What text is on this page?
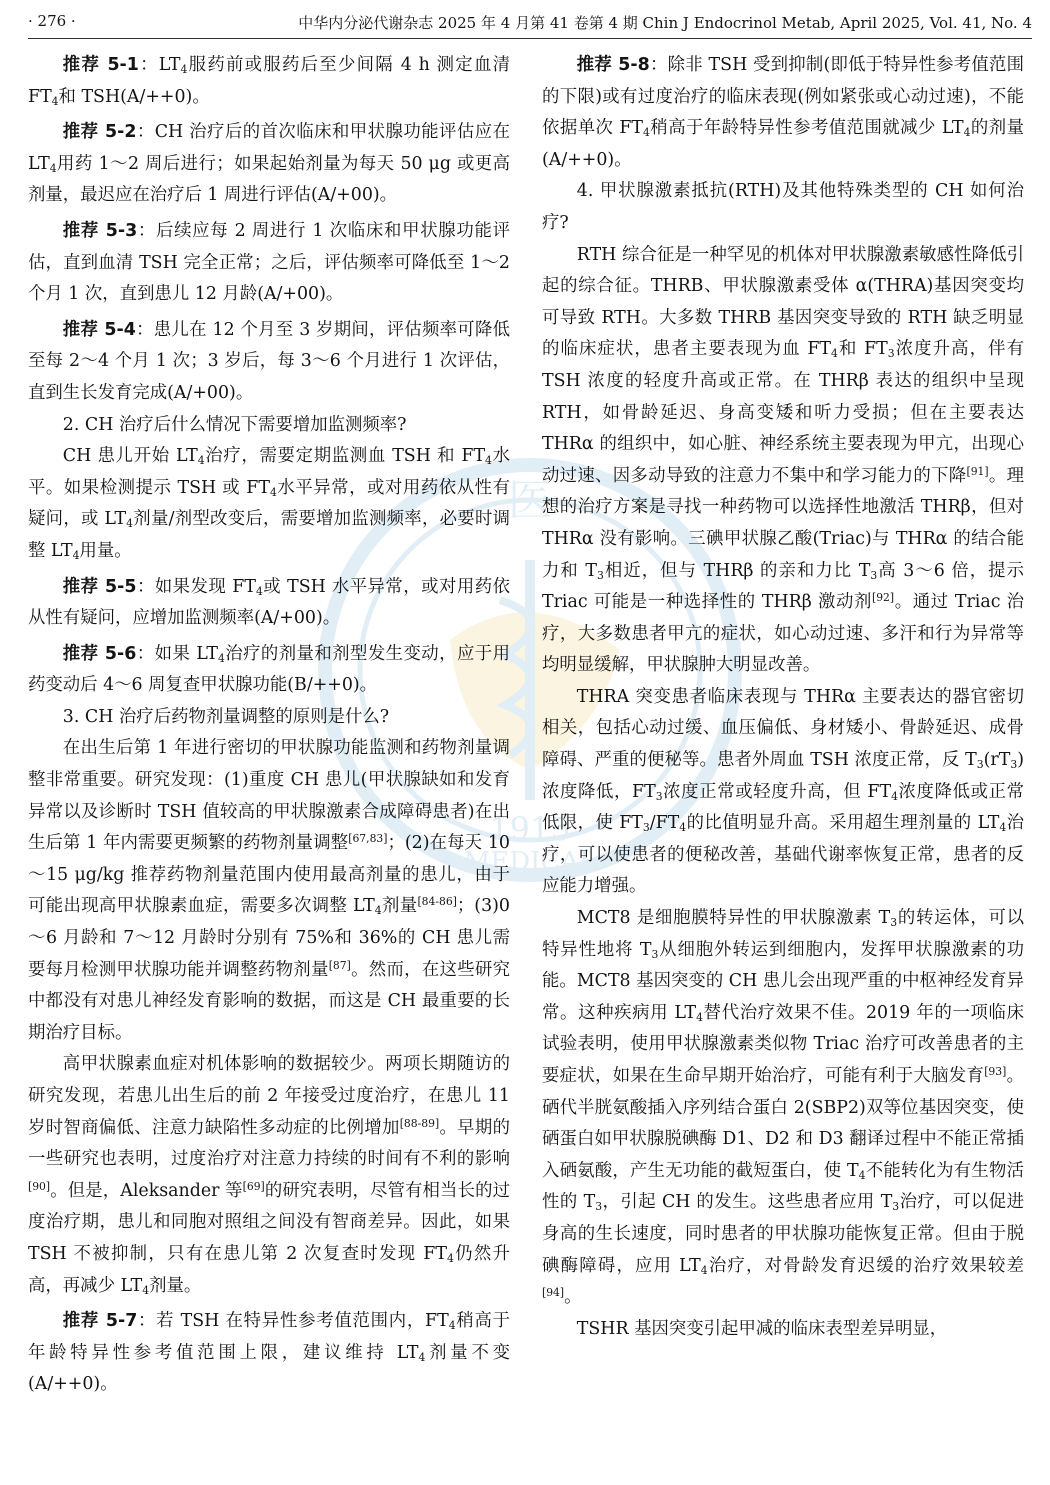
· 276 ·	中华内分泌代谢杂志 2025 年 4 月第 41 卷第 4 期 Chin J Endocrinol Metab, April 2025, Vol. 41, No. 4
医
1915
MEDICAL

推荐 5-1：$LT_4$服药前或服药后至少间隔 4 h 测定血清 $FT_4$和 TSH(A/++0)。

推荐 5-2：CH 治疗后的首次临床和甲状腺功能评估应在 $LT_4$用药 1～2 周后进行；如果起始剂量为每天 50 μg 或更高剂量，最迟应在治疗后 1 周进行评估(A/+00)。

推荐 5-3：后续应每 2 周进行 1 次临床和甲状腺功能评估，直到血清 TSH 完全正常；之后，评估频率可降低至 1～2 个月 1 次，直到患儿 12 月龄(A/+00)。

推荐 5-4：患儿在 12 个月至 3 岁期间，评估频率可降低至每 2～4 个月 1 次；3 岁后，每 3～6 个月进行 1 次评估，直到生长发育完成(A/+00)。

2. CH 治疗后什么情况下需要增加监测频率?

CH 患儿开始 $LT_4$治疗，需要定期监测血 TSH 和 $FT_4$水平。如果检测提示 TSH 或 $FT_4$水平异常，或对用药依从性有疑问，或 $LT_4$剂量/剂型改变后，需要增加监测频率，必要时调整 $LT_4$用量。

推荐 5-5：如果发现 $FT_4$或 TSH 水平异常，或对用药依从性有疑问，应增加监测频率(A/+00)。

推荐 5-6：如果 $LT_4$治疗的剂量和剂型发生变动，应于用药变动后 4～6 周复查甲状腺功能(B/++0)。

3. CH 治疗后药物剂量调整的原则是什么?

在出生后第 1 年进行密切的甲状腺功能监测和药物剂量调整非常重要。研究发现：(1)重度 CH 患儿(甲状腺缺如和发育异常以及诊断时 TSH 值较高的甲状腺激素合成障碍患者)在出生后第 1 年内需要更频繁的药物剂量调整[67,83]；(2)在每天 10～15 μg/kg 推荐药物剂量范围内使用最高剂量的患儿，由于可能出现高甲状腺素血症，需要多次调整 $LT_4$剂量[84-86]；(3)0～6 月龄和 7～12 月龄时分别有 75%和 36%的 CH 患儿需要每月检测甲状腺功能并调整药物剂量[87]。然而，在这些研究中都没有对患儿神经发育影响的数据，而这是 CH 最重要的长期治疗目标。

高甲状腺素血症对机体影响的数据较少。两项长期随访的研究发现，若患儿出生后的前 2 年接受过度治疗，在患儿 11 岁时智商偏低、注意力缺陷性多动症的比例增加[88-89]。早期的一些研究也表明，过度治疗对注意力持续的时间有不利的影响[90]。但是，Aleksander 等[69]的研究表明，尽管有相当长的过度治疗期，患儿和同胞对照组之间没有智商差异。因此，如果 TSH 不被抑制，只有在患儿第 2 次复查时发现 $FT_4$仍然升高，再减少 $LT_4$剂量。

推荐 5-7：若 TSH 在特异性参考值范围内，$FT_4$稍高于年龄特异性参考值范围上限，建议维持 $LT_4$剂量不变(A/++0)。

推荐 5-8：除非 TSH 受到抑制(即低于特异性参考值范围的下限)或有过度治疗的临床表现(例如紧张或心动过速)，不能依据单次 $FT_4$稍高于年龄特异性参考值范围就减少 $LT_4$的剂量(A/++0)。

4. 甲状腺激素抵抗(RTH)及其他特殊类型的 CH 如何治疗?

RTH 综合征是一种罕见的机体对甲状腺激素敏感性降低引起的综合征。THRB、甲状腺激素受体 α(THRA)基因突变均可导致 RTH。大多数 THRB 基因突变导致的 RTH 缺乏明显的临床症状，患者主要表现为血 $FT_4$和 $FT_3$浓度升高，伴有 TSH 浓度的轻度升高或正常。在 THRβ 表达的组织中呈现 RTH，如骨龄延迟、身高变矮和听力受损；但在主要表达 THRα 的组织中，如心脏、神经系统主要表现为甲亢，出现心动过速、因多动导致的注意力不集中和学习能力的下降[91]。理想的治疗方案是寻找一种药物可以选择性地激活 THRβ，但对 THRα 没有影响。三碘甲状腺乙酸(Triac)与 THRα 的结合能力和 $T_3$相近，但与 THRβ 的亲和力比 $T_3$高 3～6 倍，提示 Triac 可能是一种选择性的 THRβ 激动剂[92]。通过 Triac 治疗，大多数患者甲亢的症状，如心动过速、多汗和行为异常等均明显缓解，甲状腺肿大明显改善。

THRA 突变患者临床表现与 THRα 主要表达的器官密切相关，包括心动过缓、血压偏低、身材矮小、骨龄延迟、成骨障碍、严重的便秘等。患者外周血 TSH 浓度正常，反 $T_3(rT_3)$浓度降低，$FT_3$浓度正常或轻度升高，但 $FT_4$浓度降低或正常低限，使 $FT_3/FT_4$的比值明显升高。采用超生理剂量的 $LT_4$治疗，可以使患者的便秘改善，基础代谢率恢复正常，患者的反应能力增强。

MCT8 是细胞膜特异性的甲状腺激素 $T_3$的转运体，可以特异性地将 $T_3$从细胞外转运到细胞内，发挥甲状腺激素的功能。MCT8 基因突变的 CH 患儿会出现严重的中枢神经发育异常。这种疾病用 $LT_4$替代治疗效果不佳。2019 年的一项临床试验表明，使用甲状腺激素类似物 Triac 治疗可改善患者的主要症状，如果在生命早期开始治疗，可能有利于大脑发育[93]。硒代半胱氨酸插入序列结合蛋白 2(SBP2)双等位基因突变，使硒蛋白如甲状腺脱碘酶 D1、D2 和 D3 翻译过程中不能正常插入硒氨酸，产生无功能的截短蛋白，使 $T_4$不能转化为有生物活性的 $T_3$，引起 CH 的发生。这些患者应用 $T_3$治疗，可以促进身高的生长速度，同时患者的甲状腺功能恢复正常。但由于脱碘酶障碍，应用 $LT_4$治疗，对骨龄发育迟缓的治疗效果较差[94]。

TSHR 基因突变引起甲减的临床表型差异明显，
